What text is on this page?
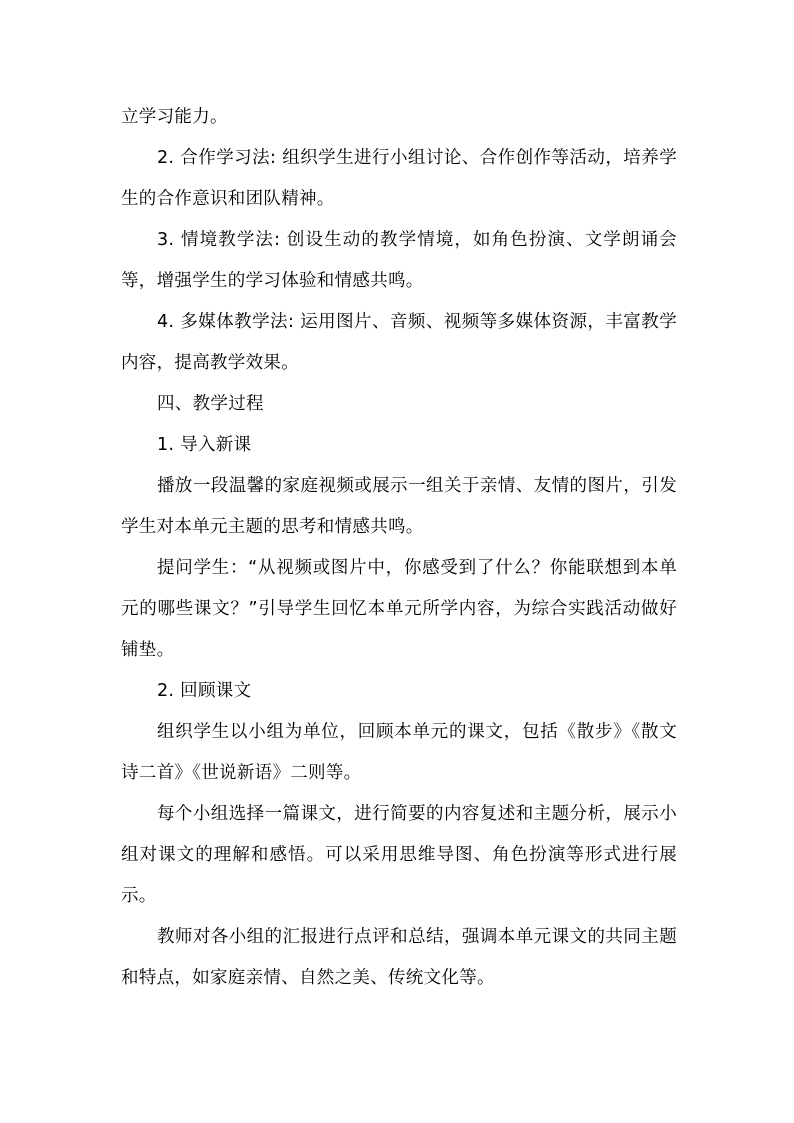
立学习能力。

2. 合作学习法: 组织学生进行小组讨论、合作创作等活动，培养学生的合作意识和团队精神。

3. 情境教学法: 创设生动的教学情境，如角色扮演、文学朗诵会等，增强学生的学习体验和情感共鸣。

4. 多媒体教学法: 运用图片、音频、视频等多媒体资源，丰富教学内容，提高教学效果。

四、教学过程

1. 导入新课

播放一段温馨的家庭视频或展示一组关于亲情、友情的图片，引发学生对本单元主题的思考和情感共鸣。

提问学生：“从视频或图片中，你感受到了什么？你能联想到本单元的哪些课文？”引导学生回忆本单元所学内容，为综合实践活动做好铺垫。

2. 回顾课文

组织学生以小组为单位，回顾本单元的课文，包括《散步》《散文诗二首》《世说新语》二则等。

每个小组选择一篇课文，进行简要的内容复述和主题分析，展示小组对课文的理解和感悟。可以采用思维导图、角色扮演等形式进行展示。

教师对各小组的汇报进行点评和总结，强调本单元课文的共同主题和特点，如家庭亲情、自然之美、传统文化等。
